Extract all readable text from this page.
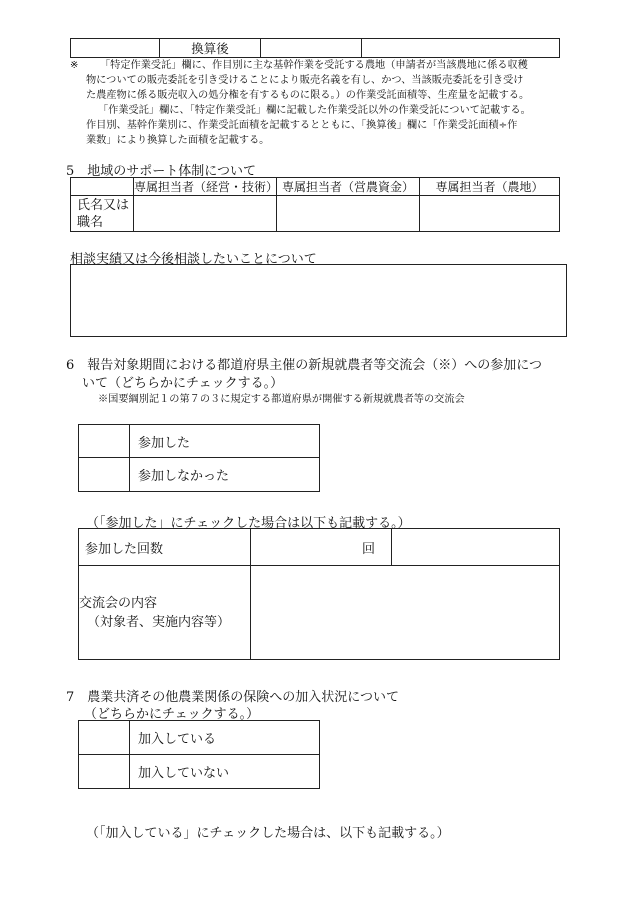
	換算後		
※ 「特定作業受託」欄に、作目別に主な基幹作業を受託する農地（申請者が当該農地に係る収穫
物についての販売委託を引き受けることにより販売名義を有し、かつ、当該販売委託を引き受け
た農産物に係る販売収入の処分権を有するものに限る。）の作業受託面積等、生産量を記載する。
「作業受託」欄に、「特定作業受託」欄に記載した作業受託以外の作業受託について記載する。
作目別、基幹作業別に、作業受託面積を記載するとともに、「換算後」欄に「作業受託面積÷作
業数」により換算した面積を記載する。
5　地域のサポート体制について
	専属担当者（経営・技術）	専属担当者（営農資金）	専属担当者（農地）

氏名又は
職名			

相談実績又は今後相談したいことについて
6　報告対象期間における都道府県主催の新規就農者等交流会（※）への参加につ
いて（どちらかにチェックする。）
※国要綱別記１の第７の３に規定する都道府県が開催する新規就農者等の交流会
	参加した
	参加しなかった
（「参加した」にチェックした場合は以下も記載する。）
参加した回数	回	

交流会の内容
（対象者、実施内容等）		

7　農業共済その他農業関係の保険への加入状況について
（どちらかにチェックする。）
	加入している
	加入していない
（「加入している」にチェックした場合は、以下も記載する。）
